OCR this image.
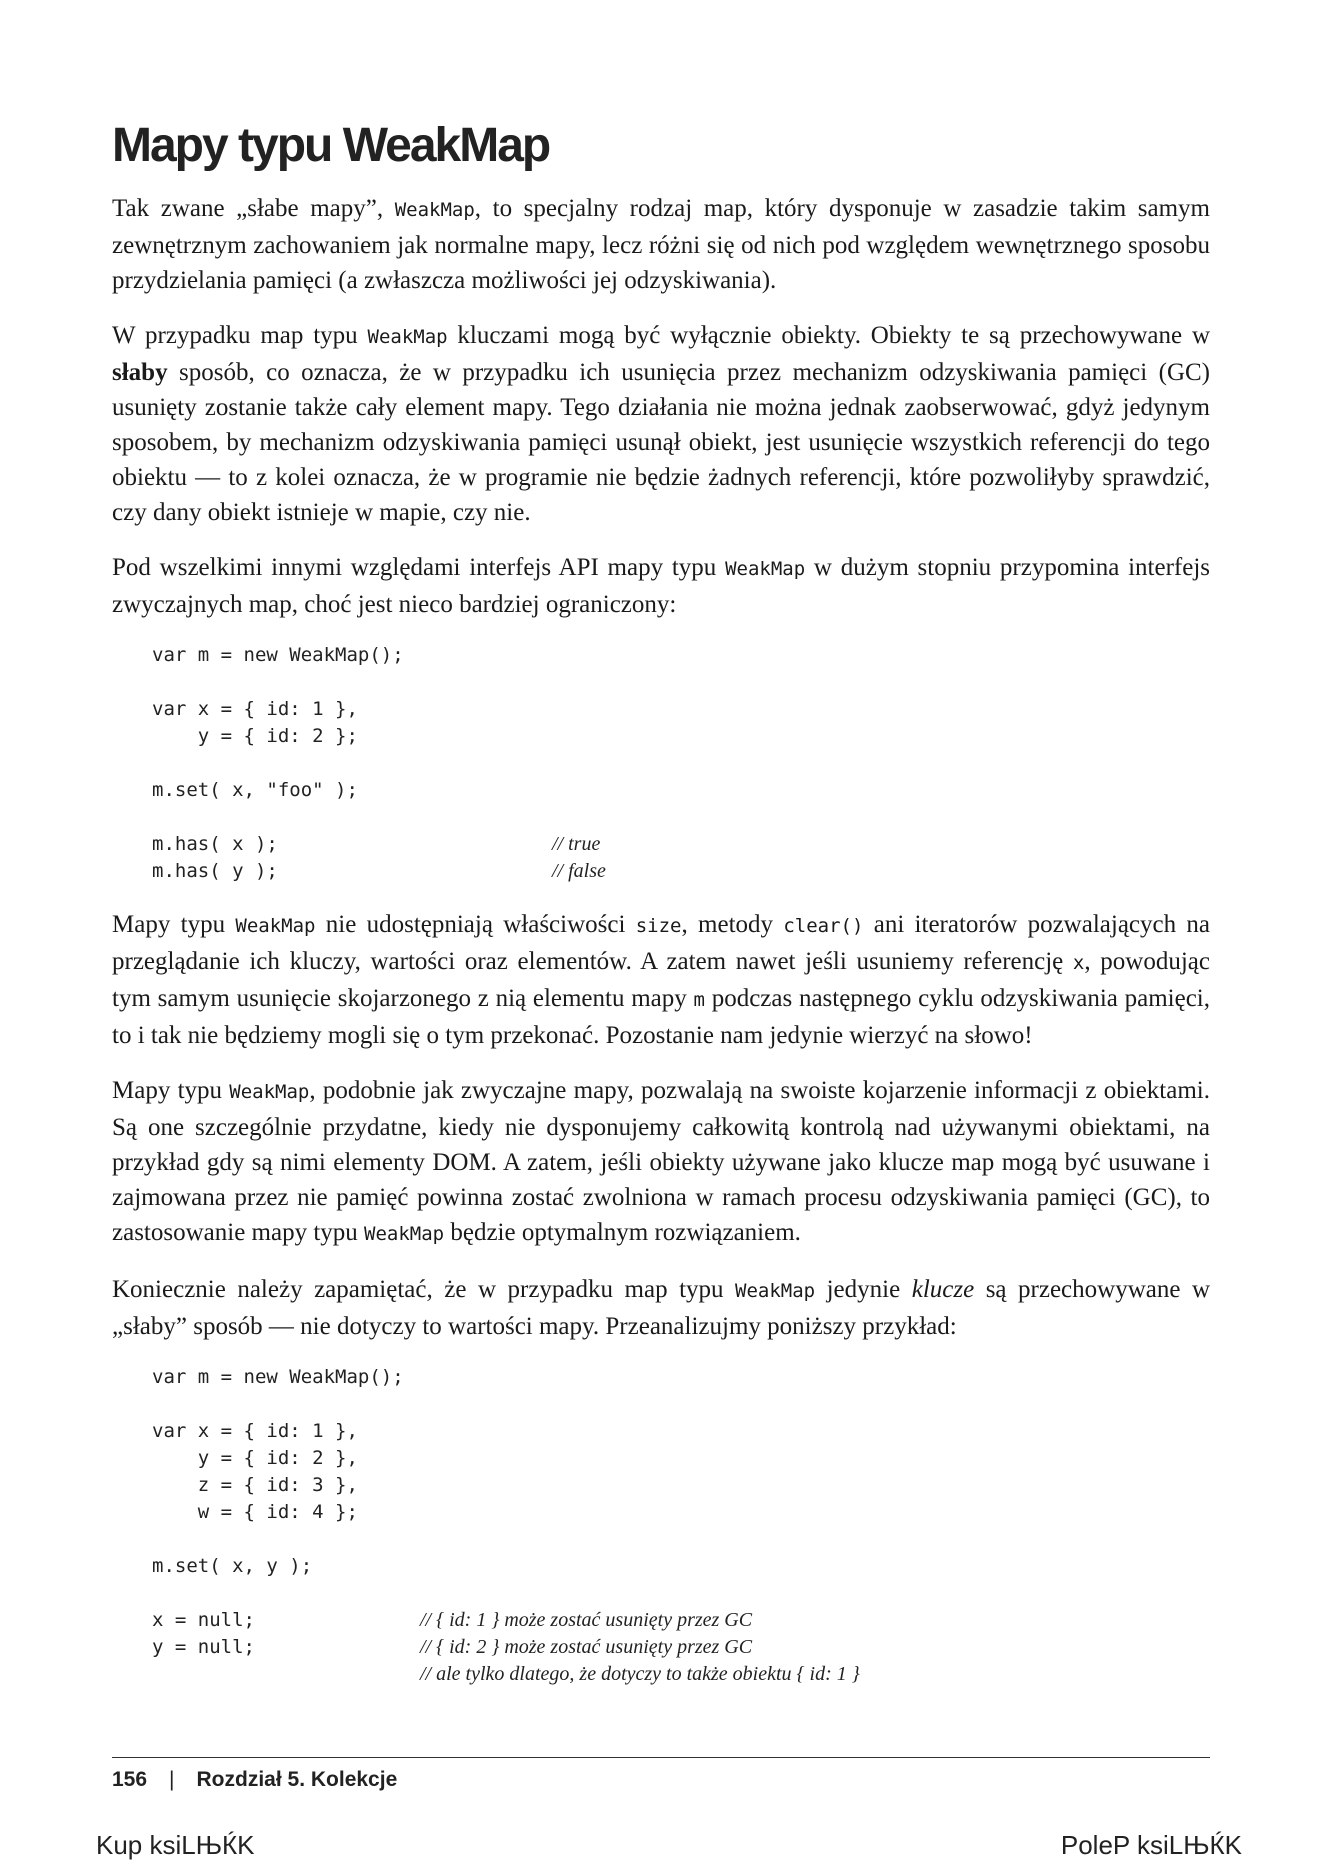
Mapy typu WeakMap

Tak zwane „słabe mapy”, WeakMap, to specjalny rodzaj map, który dysponuje w zasadzie takim samym zewnętrznym zachowaniem jak normalne mapy, lecz różni się od nich pod względem wewnętrznego sposobu przydzielania pamięci (a zwłaszcza możliwości jej odzyskiwania).

W przypadku map typu WeakMap kluczami mogą być wyłącznie obiekty. Obiekty te są przechowywane w słaby sposób, co oznacza, że w przypadku ich usunięcia przez mechanizm odzyskiwania pamięci (GC) usunięty zostanie także cały element mapy. Tego działania nie można jednak zaobserwować, gdyż jedynym sposobem, by mechanizm odzyskiwania pamięci usunął obiekt, jest usunięcie wszystkich referencji do tego obiektu — to z kolei oznacza, że w programie nie będzie żadnych referencji, które pozwoliłyby sprawdzić, czy dany obiekt istnieje w mapie, czy nie.

Pod wszelkimi innymi względami interfejs API mapy typu WeakMap w dużym stopniu przypomina interfejs zwyczajnych map, choć jest nieco bardziej ograniczony:

var m = new WeakMap();

var x = { id: 1 },
y = { id: 2 };

m.set( x, "foo" );

m.has( x );	// true
m.has( y );	// false

Mapy typu WeakMap nie udostępniają właściwości size, metody clear() ani iteratorów pozwalających na przeglądanie ich kluczy, wartości oraz elementów. A zatem nawet jeśli usuniemy referencję x, powodując tym samym usunięcie skojarzonego z nią elementu mapy m podczas następnego cyklu odzyskiwania pamięci, to i tak nie będziemy mogli się o tym przekonać. Pozostanie nam jedynie wierzyć na słowo!

Mapy typu WeakMap, podobnie jak zwyczajne mapy, pozwalają na swoiste kojarzenie informacji z obiektami. Są one szczególnie przydatne, kiedy nie dysponujemy całkowitą kontrolą nad używanymi obiektami, na przykład gdy są nimi elementy DOM. A zatem, jeśli obiekty używane jako klucze map mogą być usuwane i zajmowana przez nie pamięć powinna zostać zwolniona w ramach procesu odzyskiwania pamięci (GC), to zastosowanie mapy typu WeakMap będzie optymalnym rozwiązaniem.

Koniecznie należy zapamiętać, że w przypadku map typu WeakMap jedynie klucze są przechowywane w „słaby” sposób — nie dotyczy to wartości mapy. Przeanalizujmy poniższy przykład:

var m = new WeakMap();

var x = { id: 1 },
y = { id: 2 },
z = { id: 3 },
w = { id: 4 };

m.set( x, y );

x = null;	// { id: 1 } może zostać usunięty przez GC
y = null;	// { id: 2 } może zostać usunięty przez GC
// ale tylko dlatego, że dotyczy to także obiektu { id: 1 }
156 | Rozdział 5. Kolekcje
Kup ksiLЊЌK	PoleP ksiLЊЌK
